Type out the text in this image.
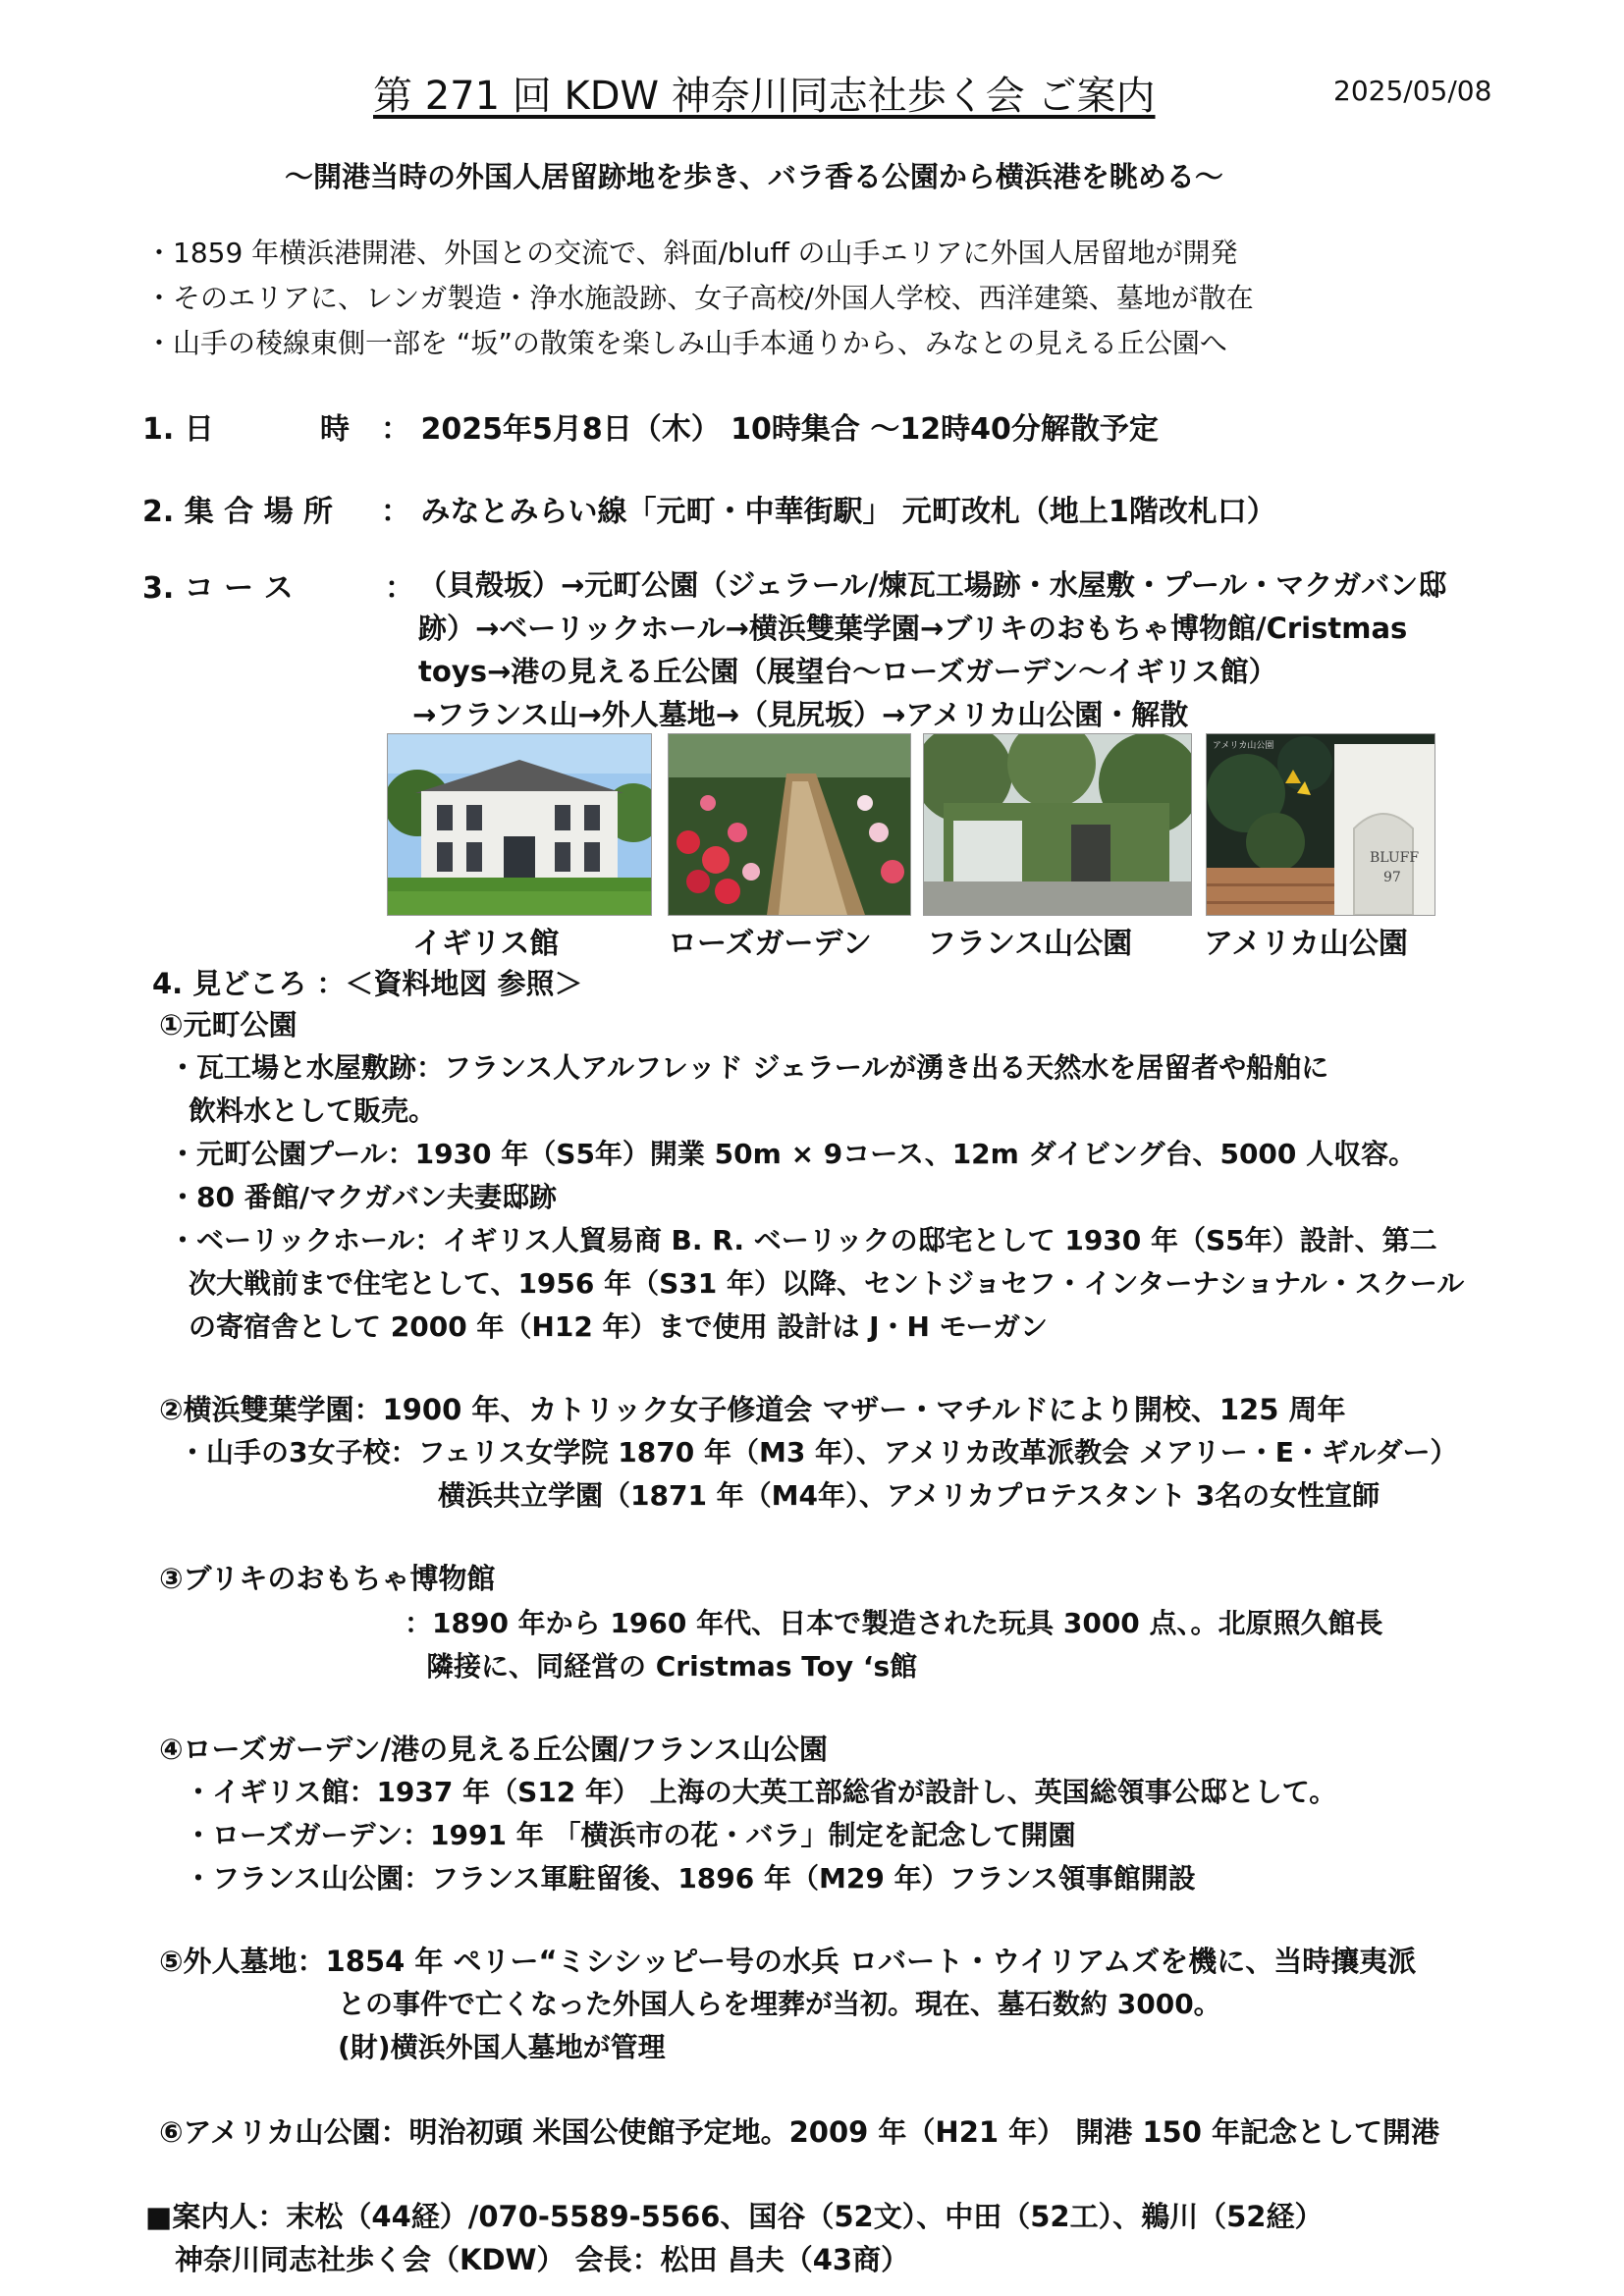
第 271 回 KDW 神奈川同志社歩く会 ご案内	2025/05/08
～開港当時の外国人居留跡地を歩き、バラ香る公園から横浜港を眺める～
・1859 年横浜港開港、外国との交流で、斜面/bluff の山手エリアに外国人居留地が開発
・そのエリアに、レンガ製造・浄水施設跡、女子高校/外国人学校、西洋建築、墓地が散在
・山手の稜線東側一部を “坂”の散策を楽しみ山手本通りから、みなとの見える丘公園へ
1. 日	時 ： 2025年5月8日（木） 10時集合 ～12時40分解散予定
2. 集 合 場 所 ： みなとみらい線「元町・中華街駅」 元町改札（地上1階改札口）
3. コ ー ス	： （貝殻坂）→元町公園（ジェラール/煉瓦工場跡・水屋敷・プール・マクガバン邸
跡）→ベーリックホール→横浜雙葉学園→ブリキのおもちゃ博物館/Cristmas
toys→港の見える丘公園（展望台～ローズガーデン～イギリス館）
→フランス山→外人墓地→（見尻坂）→アメリカ山公園・解散
BLUFF
97
アメリカ山公園
イギリス館	ローズガーデン フランス山公園 アメリカ山公園
4. 見どころ ：＜資料地図 参照＞
①元町公園
・瓦工場と水屋敷跡：フランス人アルフレッド ジェラールが湧き出る天然水を居留者や船舶に
飲料水として販売。
・元町公園プール：1930 年（S5年）開業 50m × 9コース、12m ダイビング台、5000 人収容。
・80 番館/マクガバン夫妻邸跡
・ベーリックホール：イギリス人貿易商 B. R. ベーリックの邸宅として 1930 年（S5年）設計、第二
次大戦前まで住宅として、1956 年（S31 年）以降、セントジョセフ・インターナショナル・スクール
の寄宿舎として 2000 年（H12 年）まで使用 設計は J・H モーガン
②横浜雙葉学園：1900 年、カトリック女子修道会 マザー・マチルドにより開校、125 周年
・山手の3女子校：フェリス女学院 1870 年（M3 年）、アメリカ改革派教会 メアリー・E・ギルダー）
横浜共立学園（1871 年（M4年）、アメリカプロテスタント 3名の女性宣師
③ブリキのおもちゃ博物館
：1890 年から 1960 年代、日本で製造された玩具 3000 点、。北原照久館長
隣接に、同経営の Cristmas Toy ‘s館
④ローズガーデン/港の見える丘公園/フランス山公園
・イギリス館：1937 年（S12 年） 上海の大英工部総省が設計し、英国総領事公邸として。
・ローズガーデン：1991 年 「横浜市の花・バラ」制定を記念して開園
・フランス山公園：フランス軍駐留後、1896 年（M29 年）フランス領事館開設
⑤外人墓地：1854 年 ペリー“ミシシッピー号の水兵 ロバート・ウイリアムズを機に、当時攘夷派
との事件で亡くなった外国人らを埋葬が当初。現在、墓石数約 3000。
(財)横浜外国人墓地が管理
⑥アメリカ山公園：明治初頭 米国公使館予定地。2009 年（H21 年） 開港 150 年記念として開港
■案内人：末松（44経）/070-5589-5566、国谷（52文）、中田（52工）、鵜川（52経）
神奈川同志社歩く会（KDW） 会長：松田 昌夫（43商）
